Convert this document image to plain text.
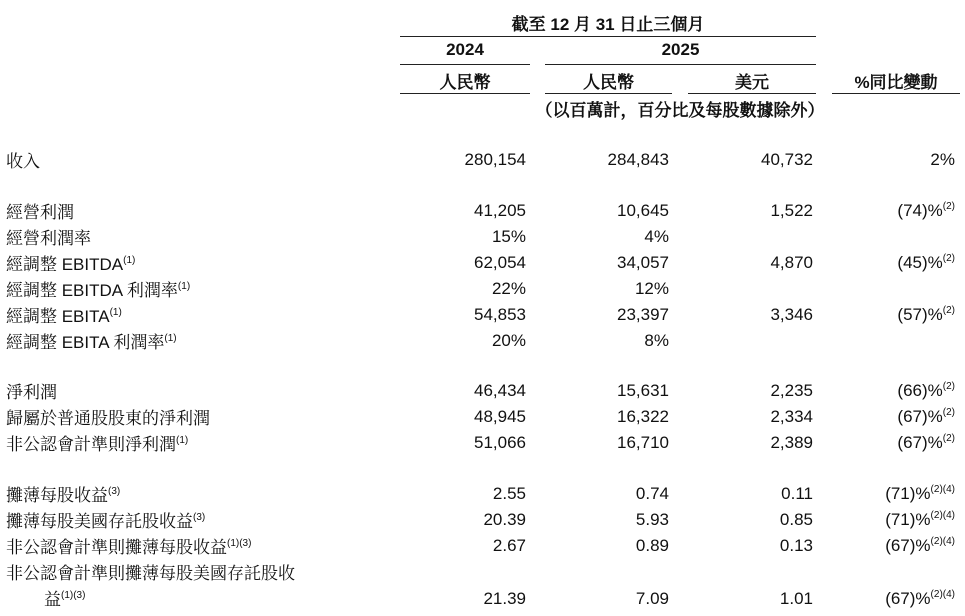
截至 12 月 31 日止三個月
2024	2025
人民幣	人民幣	美元	%同比變動
（以百萬計，百分比及每股數據除外）
收入	280,154	284,843	40,732	2%
經營利潤	41,205	10,645	1,522	(74)%$^{(2)}$
經營利潤率	15%	4%
經調整 EBITDA$^{(1)}$	62,054	34,057	4,870	(45)%$^{(2)}$
經調整 EBITDA 利潤率$^{(1)}$	22%	12%
經調整 EBITA$^{(1)}$	54,853	23,397	3,346	(57)%$^{(2)}$
經調整 EBITA 利潤率$^{(1)}$	20%	8%
淨利潤	46,434	15,631	2,235	(66)%$^{(2)}$
歸屬於普通股股東的淨利潤	48,945	16,322	2,334	(67)%$^{(2)}$
非公認會計準則淨利潤$^{(1)}$	51,066	16,710	2,389	(67)%$^{(2)}$
攤薄每股收益$^{(3)}$	2.55	0.74	0.11	(71)%$^{(2)(4)}$
攤薄每股美國存託股收益$^{(3)}$	20.39	5.93	0.85	(71)%$^{(2)(4)}$
非公認會計準則攤薄每股收益$^{(1)(3)}$	2.67	0.89	0.13	(67)%$^{(2)(4)}$
非公認會計準則攤薄每股美國存託股收
益$^{(1)(3)}$	21.39	7.09	1.01	(67)%$^{(2)(4)}$
